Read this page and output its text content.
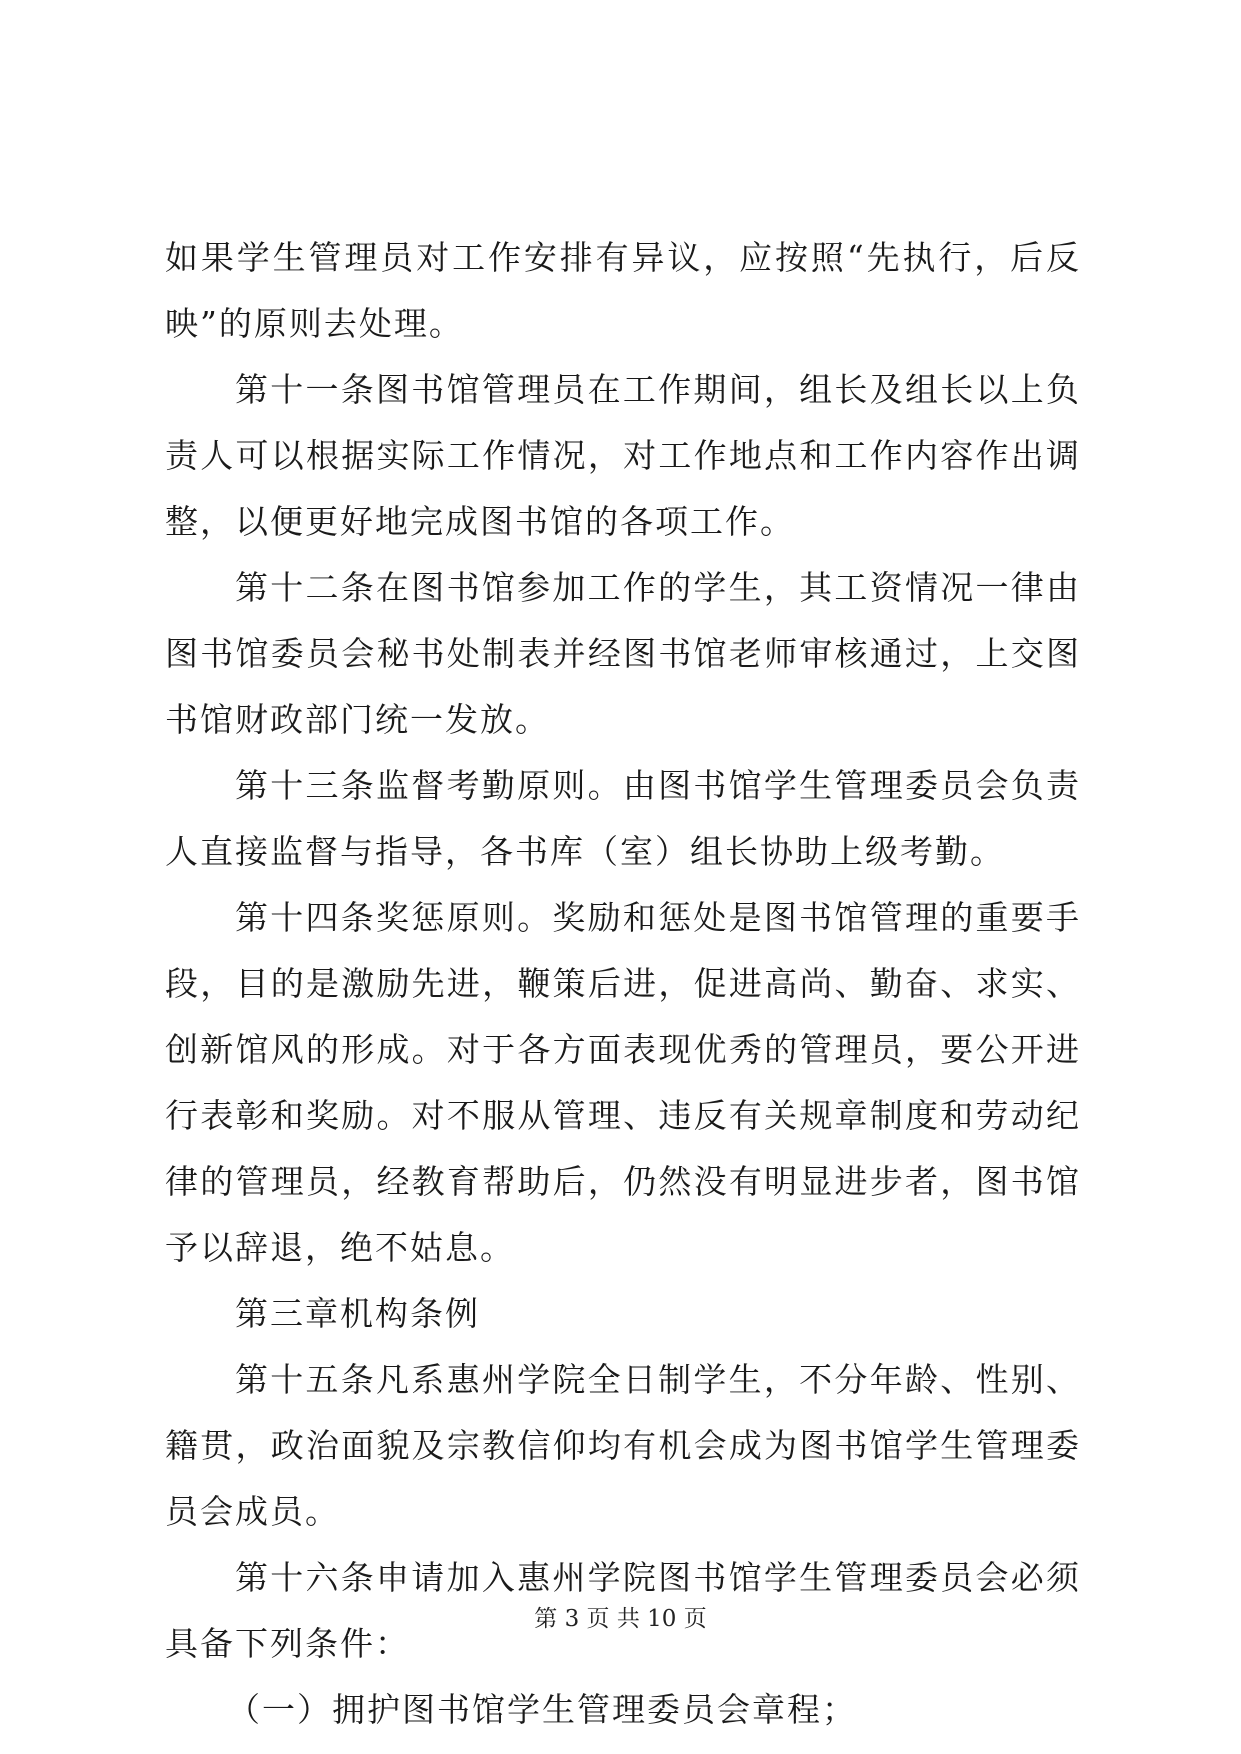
如果学生管理员对工作安排有异议，应按照“先执行，后反映”的原则去处理。

第十一条图书馆管理员在工作期间，组长及组长以上负责人可以根据实际工作情况，对工作地点和工作内容作出调整，以便更好地完成图书馆的各项工作。

第十二条在图书馆参加工作的学生，其工资情况一律由图书馆委员会秘书处制表并经图书馆老师审核通过，上交图书馆财政部门统一发放。

第十三条监督考勤原则。由图书馆学生管理委员会负责人直接监督与指导，各书库（室）组长协助上级考勤。

第十四条奖惩原则。奖励和惩处是图书馆管理的重要手段，目的是激励先进，鞭策后进，促进高尚、勤奋、求实、创新馆风的形成。对于各方面表现优秀的管理员，要公开进行表彰和奖励。对不服从管理、违反有关规章制度和劳动纪律的管理员，经教育帮助后，仍然没有明显进步者，图书馆予以辞退，绝不姑息。

第三章机构条例

第十五条凡系惠州学院全日制学生，不分年龄、性别、籍贯，政治面貌及宗教信仰均有机会成为图书馆学生管理委员会成员。

第十六条申请加入惠州学院图书馆学生管理委员会必须具备下列条件：

（一）拥护图书馆学生管理委员会章程；

第 3 页 共 10 页
